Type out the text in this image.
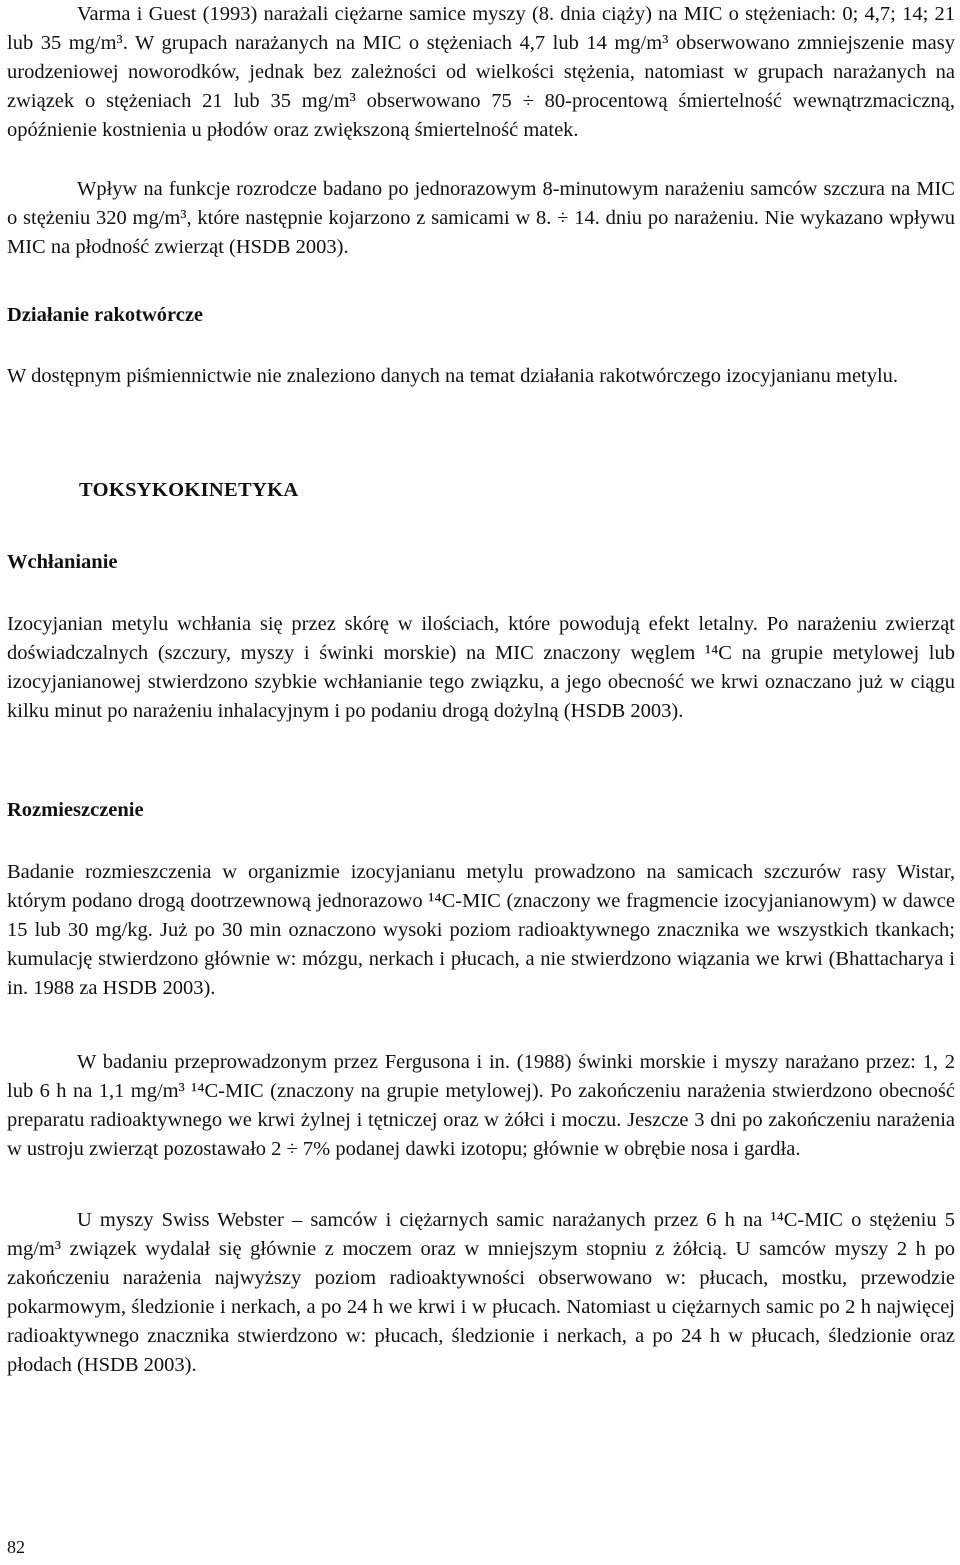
Varma i Guest (1993) narażali ciężarne samice myszy (8. dnia ciąży) na MIC o stężeniach: 0; 4,7; 14; 21 lub 35 mg/m³. W grupach narażanych na MIC o stężeniach 4,7 lub 14 mg/m³ obserwowano zmniejszenie masy urodzeniowej noworodków, jednak bez zależności od wielkości stężenia, natomiast w grupach narażanych na związek o stężeniach 21 lub 35 mg/m³ obserwowano 75 ÷ 80-procentową śmiertelność wewnątrzmaciczną, opóźnienie kostnienia u płodów oraz zwiększoną śmiertelność matek.

Wpływ na funkcje rozrodcze badano po jednorazowym 8-minutowym narażeniu samców szczura na MIC o stężeniu 320 mg/m³, które następnie kojarzono z samicami w 8. ÷ 14. dniu po narażeniu. Nie wykazano wpływu MIC na płodność zwierząt (HSDB 2003).

Działanie rakotwórcze

W dostępnym piśmiennictwie nie znaleziono danych na temat działania rakotwórczego izocyjanianu metylu.

TOKSYKOKINETYKA
Wchłanianie

Izocyjanian metylu wchłania się przez skórę w ilościach, które powodują efekt letalny. Po narażeniu zwierząt doświadczalnych (szczury, myszy i świnki morskie) na MIC znaczony węglem ¹⁴C na grupie metylowej lub izocyjanianowej stwierdzono szybkie wchłanianie tego związku, a jego obecność we krwi oznaczano już w ciągu kilku minut po narażeniu inhalacyjnym i po podaniu drogą dożylną (HSDB 2003).

Rozmieszczenie

Badanie rozmieszczenia w organizmie izocyjanianu metylu prowadzono na samicach szczurów rasy Wistar, którym podano drogą dootrzewnową jednorazowo ¹⁴C-MIC (znaczony we fragmencie izocyjanianowym) w dawce 15 lub 30 mg/kg. Już po 30 min oznaczono wysoki poziom radioaktywnego znacznika we wszystkich tkankach; kumulację stwierdzono głównie w: mózgu, nerkach i płucach, a nie stwierdzono wiązania we krwi (Bhattacharya i in. 1988 za HSDB 2003).

W badaniu przeprowadzonym przez Fergusona i in. (1988) świnki morskie i myszy narażano przez: 1, 2 lub 6 h na 1,1 mg/m³ ¹⁴C-MIC (znaczony na grupie metylowej). Po zakończeniu narażenia stwierdzono obecność preparatu radioaktywnego we krwi żylnej i tętniczej oraz w żółci i moczu. Jeszcze 3 dni po zakończeniu narażenia w ustroju zwierząt pozostawało 2 ÷ 7% podanej dawki izotopu; głównie w obrębie nosa i gardła.

U myszy Swiss Webster – samców i ciężarnych samic narażanych przez 6 h na ¹⁴C-MIC o stężeniu 5 mg/m³ związek wydalał się głównie z moczem oraz w mniejszym stopniu z żółcią. U samców myszy 2 h po zakończeniu narażenia najwyższy poziom radioaktywności obserwowano w: płucach, mostku, przewodzie pokarmowym, śledzionie i nerkach, a po 24 h we krwi i w płucach. Natomiast u ciężarnych samic po 2 h najwięcej radioaktywnego znacznika stwierdzono w: płucach, śledzionie i nerkach, a po 24 h w płucach, śledzionie oraz płodach (HSDB 2003).

82
